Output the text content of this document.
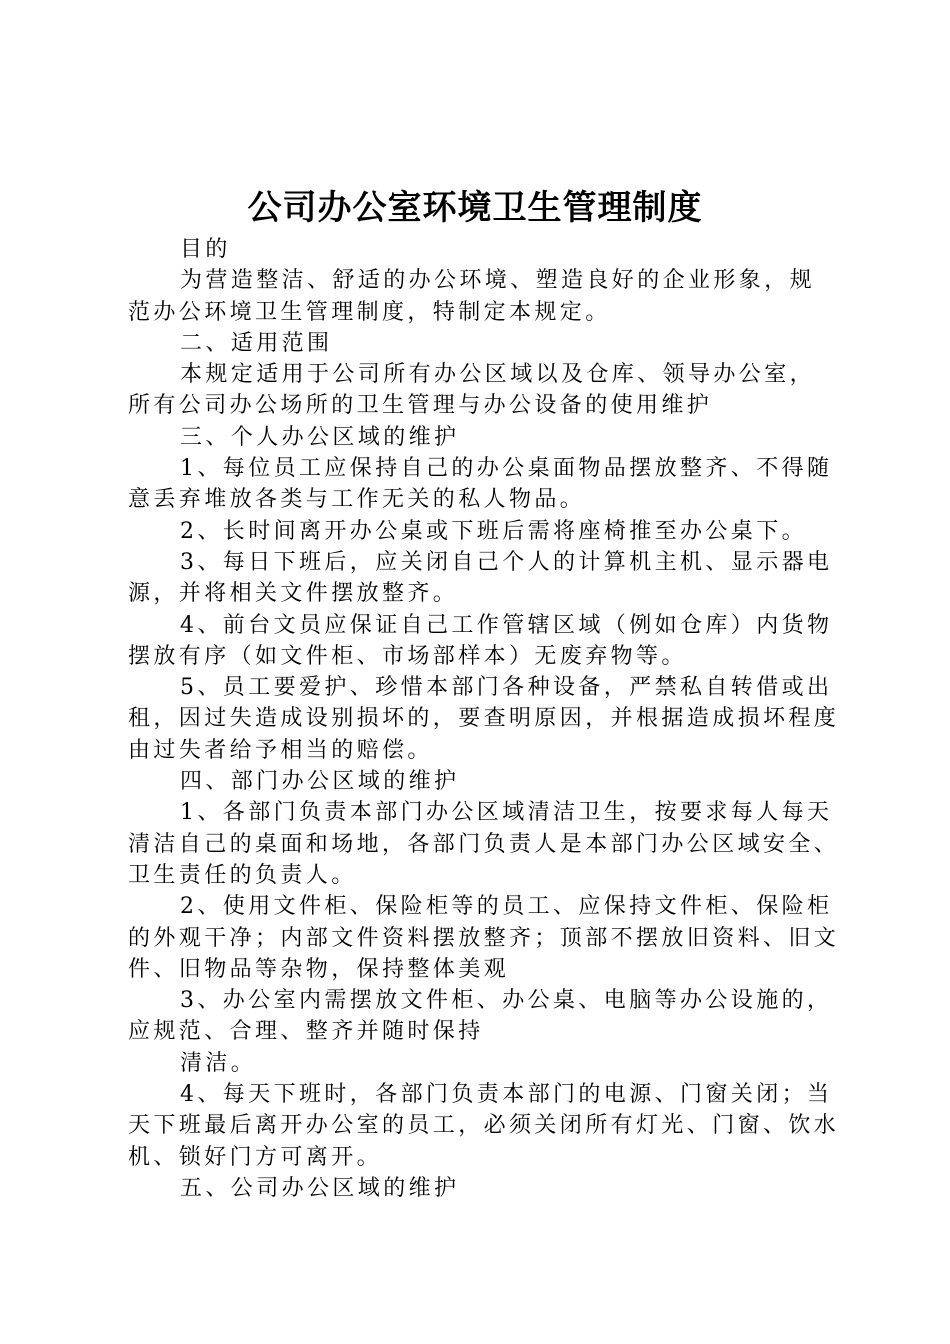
公司办公室环境卫生管理制度

目的

为营造整洁、舒适的办公环境、塑造良好的企业形象，规范办公环境卫生管理制度，特制定本规定。

二、适用范围

本规定适用于公司所有办公区域以及仓库、领导办公室，所有公司办公场所的卫生管理与办公设备的使用维护

三、个人办公区域的维护

1、每位员工应保持自己的办公桌面物品摆放整齐、不得随意丢弃堆放各类与工作无关的私人物品。

2、长时间离开办公桌或下班后需将座椅推至办公桌下。

3、每日下班后，应关闭自己个人的计算机主机、显示器电源，并将相关文件摆放整齐。

4、前台文员应保证自己工作管辖区域（例如仓库）内货物摆放有序（如文件柜、市场部样本）无废弃物等。

5、员工要爱护、珍惜本部门各种设备，严禁私自转借或出租，因过失造成设别损坏的，要查明原因，并根据造成损坏程度由过失者给予相当的赔偿。

四、部门办公区域的维护

1、各部门负责本部门办公区域清洁卫生，按要求每人每天清洁自己的桌面和场地，各部门负责人是本部门办公区域安全、卫生责任的负责人。

2、使用文件柜、保险柜等的员工、应保持文件柜、保险柜的外观干净；内部文件资料摆放整齐；顶部不摆放旧资料、旧文件、旧物品等杂物，保持整体美观

3、办公室内需摆放文件柜、办公桌、电脑等办公设施的，应规范、合理、整齐并随时保持

清洁。

4、每天下班时，各部门负责本部门的电源、门窗关闭；当天下班最后离开办公室的员工，必须关闭所有灯光、门窗、饮水机、锁好门方可离开。

五、公司办公区域的维护
